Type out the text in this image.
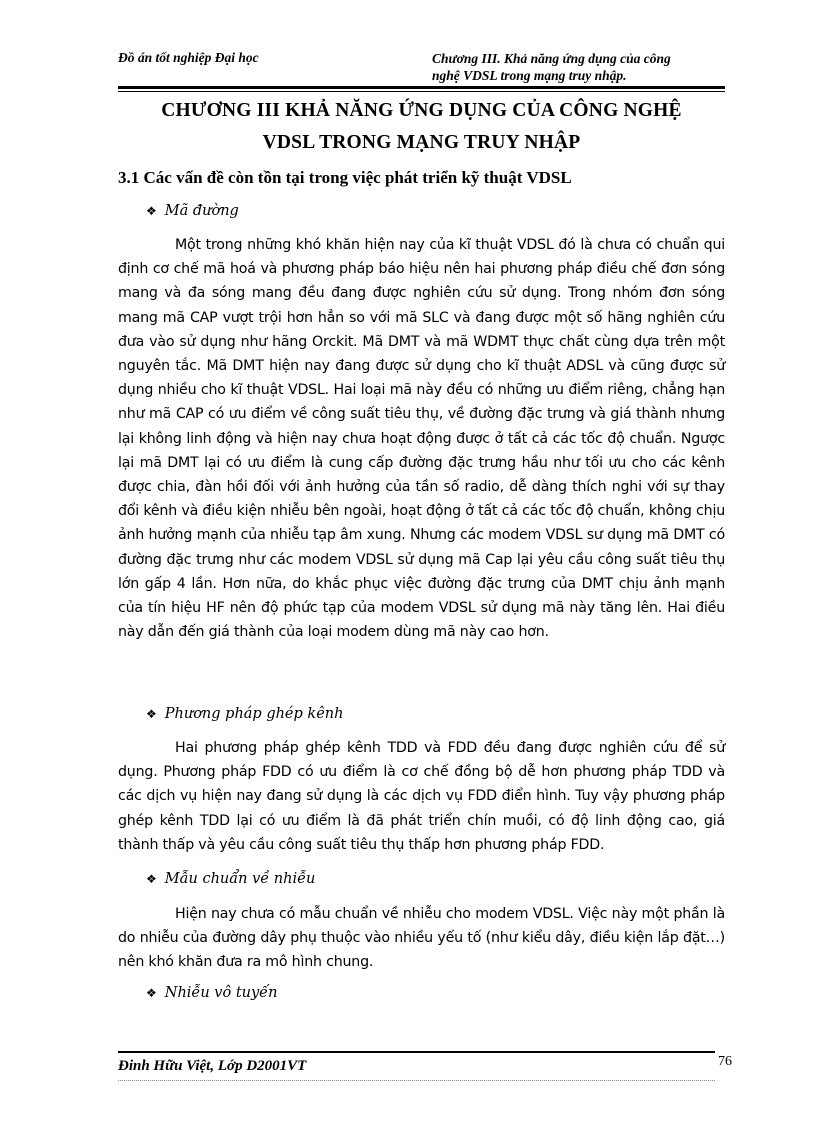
Đồ án tốt nghiệp Đại học	Chương III. Khả năng ứng dụng của công
nghệ VDSL trong mạng truy nhập.
CHƯƠNG III KHẢ NĂNG ỨNG DỤNG CỦA CÔNG NGHỆ
VDSL TRONG MẠNG TRUY NHẬP
3.1 Các vấn đề còn tồn tại trong việc phát triển kỹ thuật VDSL
❖ Mã đường

Một trong những khó khăn hiện nay của kĩ thuật VDSL đó là chưa có chuẩn qui định cơ chế mã hoá và phương pháp báo hiệu nên hai phương pháp điều chế đơn sóng mang và đa sóng mang đều đang được nghiên cứu sử dụng. Trong nhóm đơn sóng mang mã CAP vượt trội hơn hẳn so với mã SLC và đang được một số hãng nghiên cứu đưa vào sử dụng như hãng Orckit. Mã DMT và mã WDMT thực chất cùng dựa trên một nguyên tắc. Mã DMT hiện nay đang được sử dụng cho kĩ thuật ADSL và cũng được sử dụng nhiều cho kĩ thuật VDSL. Hai loại mã này đều có những ưu điểm riêng, chẳng hạn như mã CAP có ưu điểm về công suất tiêu thụ, về đường đặc trưng và giá thành nhưng lại không linh động và hiện nay chưa hoạt động được ở tất cả các tốc độ chuẩn. Ngược lại mã DMT lại có ưu điểm là cung cấp đường đặc trưng hầu như tối ưu cho các kênh được chia, đàn hồi đối với ảnh hưởng của tần số radio, dễ dàng thích nghi với sự thay đổi kênh và điều kiện nhiễu bên ngoài, hoạt động ở tất cả các tốc độ chuẩn, không chịu ảnh hưởng mạnh của nhiễu tạp âm xung. Nhưng các modem VDSL sư dụng mã DMT có đường đặc trưng như các modem VDSL sử dụng mã Cap lại yêu cầu công suất tiêu thụ lớn gấp 4 lần. Hơn nữa, do khắc phục việc đường đặc trưng của DMT chịu ảnh mạnh của tín hiệu HF nên độ phức tạp của modem VDSL sử dụng mã này tăng lên. Hai điều này dẫn đến giá thành của loại modem dùng mã này cao hơn.

❖ Phương pháp ghép kênh

Hai phương pháp ghép kênh TDD và FDD đều đang được nghiên cứu để sử dụng. Phương pháp FDD có ưu điểm là cơ chế đồng bộ dễ hơn phương pháp TDD và các dịch vụ hiện nay đang sử dụng là các dịch vụ FDD điển hình. Tuy vậy phương pháp ghép kênh TDD lại có ưu điểm là đã phát triển chín muồi, có độ linh động cao, giá thành thấp và yêu cầu công suất tiêu thụ thấp hơn phương pháp FDD.

❖ Mẫu chuẩn về nhiễu

Hiện nay chưa có mẫu chuẩn về nhiễu cho modem VDSL. Việc này một phần là do nhiễu của đường dây phụ thuộc vào nhiều yếu tố (như kiểu dây, điều kiện lắp đặt…) nên khó khăn đưa ra mô hình chung.

❖ Nhiễu vô tuyến
Đinh Hữu Việt, Lớp D2001VT	76
